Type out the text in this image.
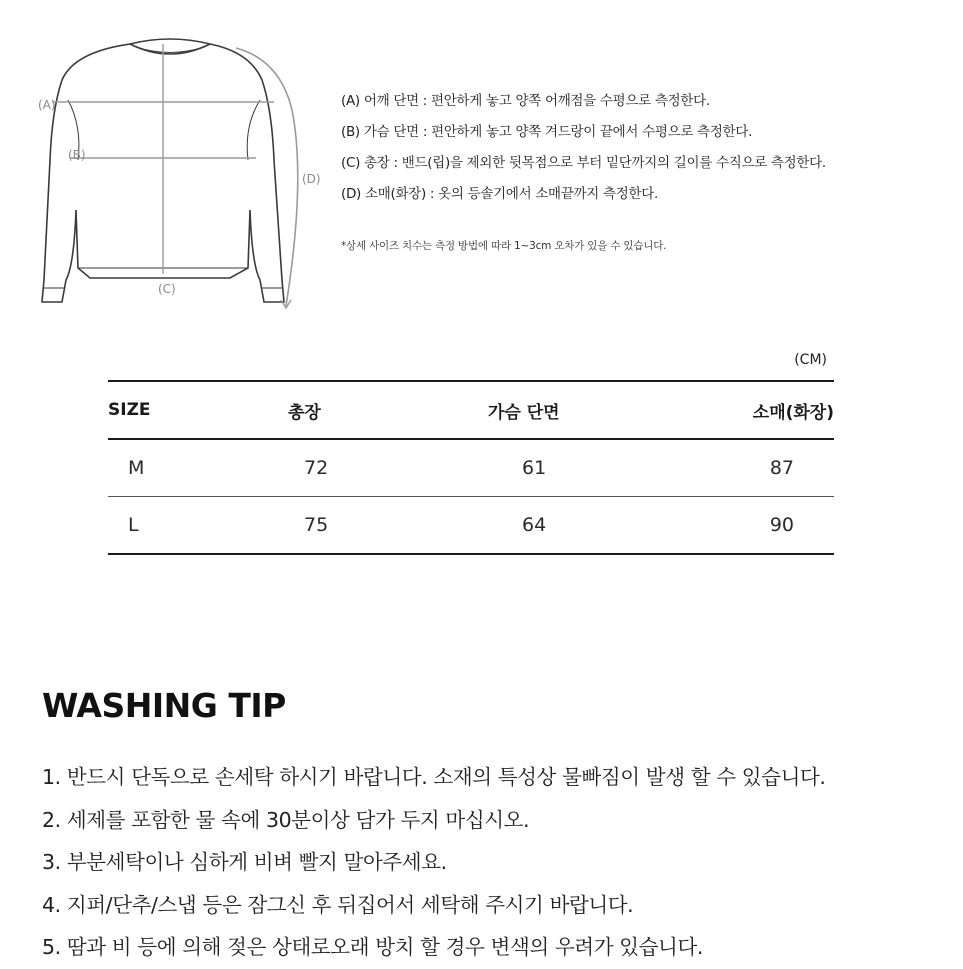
(A)
(B)
(C)
(D)
(A) 어깨 단면 : 편안하게 놓고 양쪽 어깨점을 수평으로 측정한다.
(B) 가슴 단면 : 편안하게 놓고 양쪽 겨드랑이 끝에서 수평으로 측정한다.
(C) 총장 : 밴드(립)을 제외한 뒷목점으로 부터 밑단까지의 길이를 수직으로 측정한다.
(D) 소매(화장) : 옷의 등솔기에서 소매끝까지 측정한다.
*상세 사이즈 치수는 측정 방법에 따라 1~3cm 오차가 있을 수 있습니다.
(CM)
SIZE	총장	가슴 단면	소매(화장)
M	72	61	87
L	75	64	90
WASHING TIP
1. 반드시 단독으로 손세탁 하시기 바랍니다. 소재의 특성상 물빠짐이 발생 할 수 있습니다.
2. 세제를 포함한 물 속에 30분이상 담가 두지 마십시오.
3. 부분세탁이나 심하게 비벼 빨지 말아주세요.
4. 지퍼/단추/스냅 등은 잠그신 후 뒤집어서 세탁해 주시기 바랍니다.
5. 땀과 비 등에 의해 젖은 상태로오래 방치 할 경우 변색의 우려가 있습니다.
